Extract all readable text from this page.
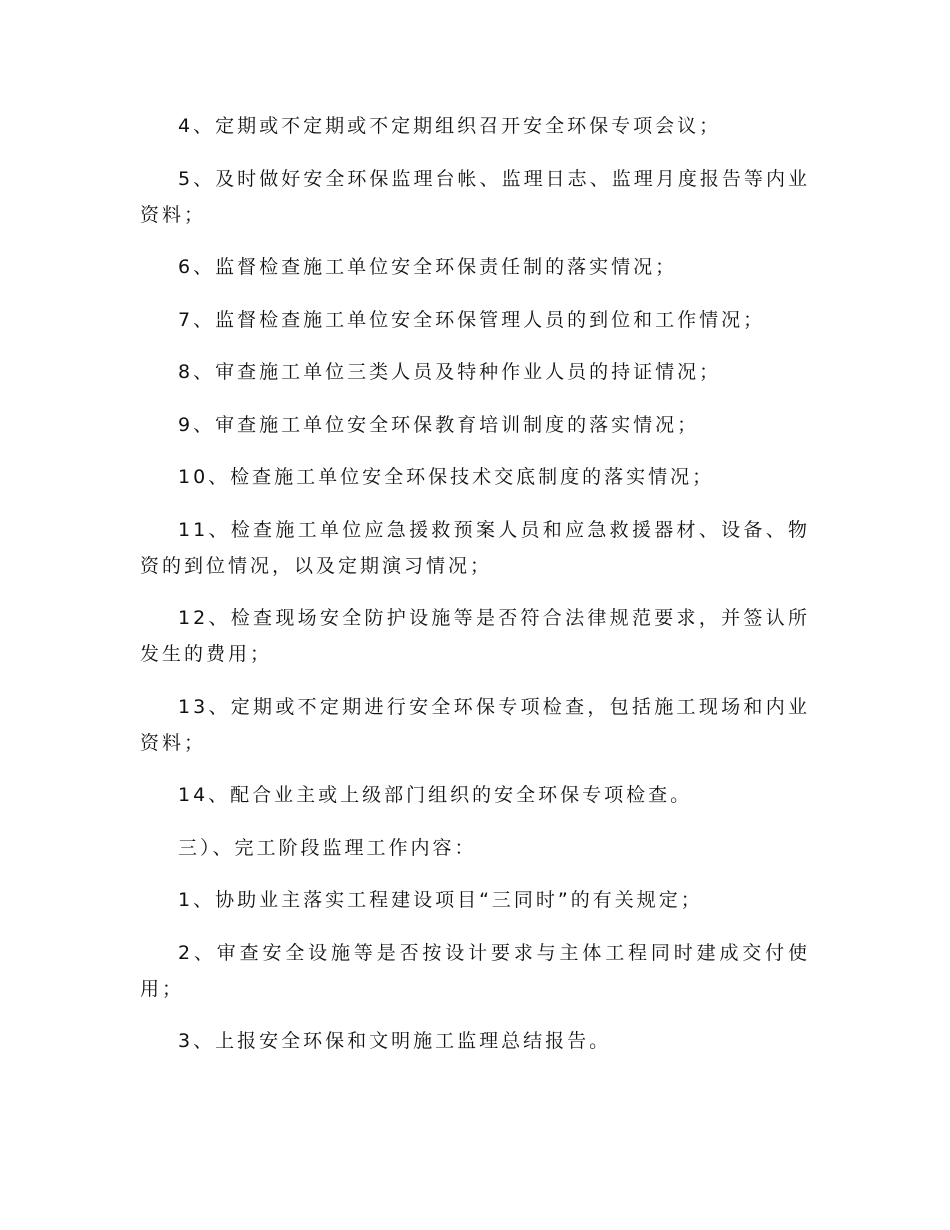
4、定期或不定期或不定期组织召开安全环保专项会议；

5、及时做好安全环保监理台帐、监理日志、监理月度报告等内业资料；

6、监督检查施工单位安全环保责任制的落实情况；

7、监督检查施工单位安全环保管理人员的到位和工作情况；

8、审查施工单位三类人员及特种作业人员的持证情况；

9、审查施工单位安全环保教育培训制度的落实情况；

10、检查施工单位安全环保技术交底制度的落实情况；

11、检查施工单位应急援救预案人员和应急救援器材、设备、物资的到位情况，以及定期演习情况；

12、检查现场安全防护设施等是否符合法律规范要求，并签认所发生的费用；

13、定期或不定期进行安全环保专项检查，包括施工现场和内业资料；

14、配合业主或上级部门组织的安全环保专项检查。

三）、完工阶段监理工作内容：

1、协助业主落实工程建设项目“三同时”的有关规定；

2、审查安全设施等是否按设计要求与主体工程同时建成交付使用；

3、上报安全环保和文明施工监理总结报告。
